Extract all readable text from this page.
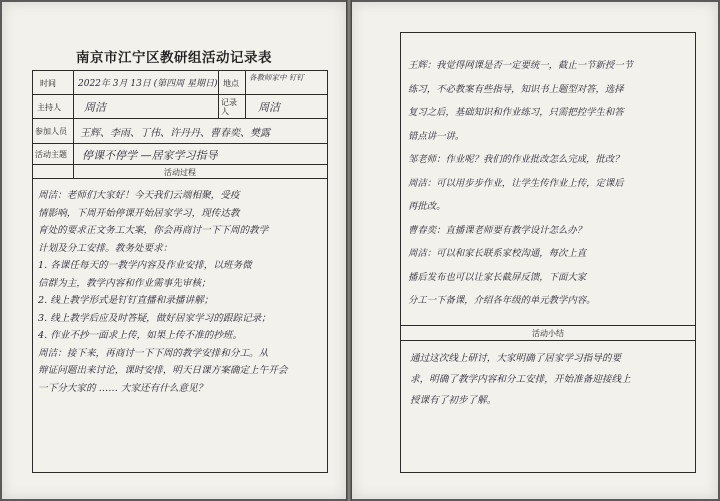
南京市江宁区教研组活动记录表
时间	地点
主持人
记录人
参加人员
活动主题
活动过程
2022年 3月 13日 (第四周 星期日)
各教师家中 钉钉
周洁	周洁
王辉、李雨、丁伟、许丹丹、曹春奕、樊露
停课不停学 —居家学习指导
周洁：老师们大家好！今天我们云端相聚，受疫
情影响，下周开始停课开始居家学习，现传达教
育处的要求正文务工大案，你会再商讨一下下周的教学
计划及分工安排。教务处要求：
1. 各课任每天的一教学内容及作业安排，以班务微
信群为主，教学内容和作业需事先审核；
2. 线上教学形式是钉钉直播和录播讲解；
3. 线上教学后应及时答疑，做好居家学习的跟踪记录；
4. 作业不抄一面求上传，如果上传不准的抄班。
周洁：接下来，再商讨一下下周的教学安排和分工。从
辩证问题出来讨论，课时安排，明天日课方案确定上午开会
一下分大家的 …… 大家还有什么意见？
王辉：我觉得网课是否一定要统一，截止一节新授一节
练习，不必教案有些指导，知识书上题型对答，选择
复习之后，基础知识和作业练习，只需把控学生和答
错点讲一讲。
邹老师：作业呢？我们的作业批改怎么完成，批改？
周洁：可以用步步作业，让学生传作业上传，定课后
再批改。
曹春奕：直播课老师要有教学设计怎么办？
周洁：可以和家长联系家校沟通，每次上直
播后发布也可以让家长截屏反馈，下面大家
分工一下备课，介绍各年级的单元教学内容。
活动小结
通过这次线上研讨，大家明确了居家学习指导的要
求，明确了教学内容和分工安排，开始准备迎接线上
授课有了初步了解。
